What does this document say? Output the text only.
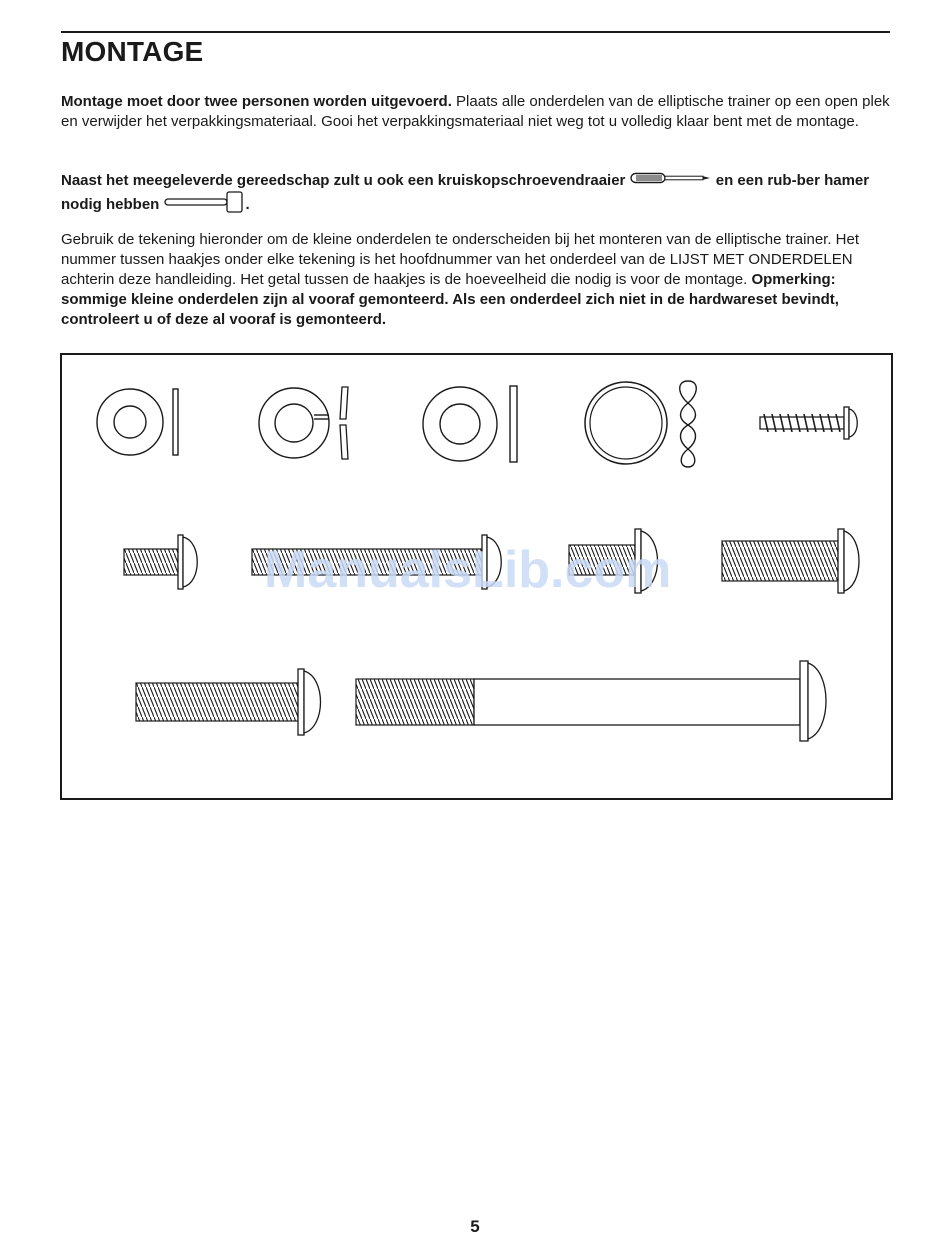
MONTAGE

Montage moet door twee personen worden uitgevoerd. Plaats alle onderdelen van de elliptische trainer op een open plek en verwijder het verpakkingsmateriaal. Gooi het verpakkingsmateriaal niet weg tot u volledig klaar bent met de montage.

Naast het meegeleverde gereedschap zult u ook een kruiskopschroevendraaier	en een rub-ber hamer nodig hebben	.

Gebruik de tekening hieronder om de kleine onderdelen te onderscheiden bij het monteren van de elliptische trainer. Het nummer tussen haakjes onder elke tekening is het hoofdnummer van het onderdeel van de LIJST MET ONDERDELEN achterin deze handleiding. Het getal tussen de haakjes is de hoeveelheid die nodig is voor de montage. Opmerking: sommige kleine onderdelen zijn al vooraf gemonteerd. Als een onderdeel zich niet in de hardwareset bevindt, controleert u of deze al vooraf is gemonteerd.

ManualsLib.com
5
